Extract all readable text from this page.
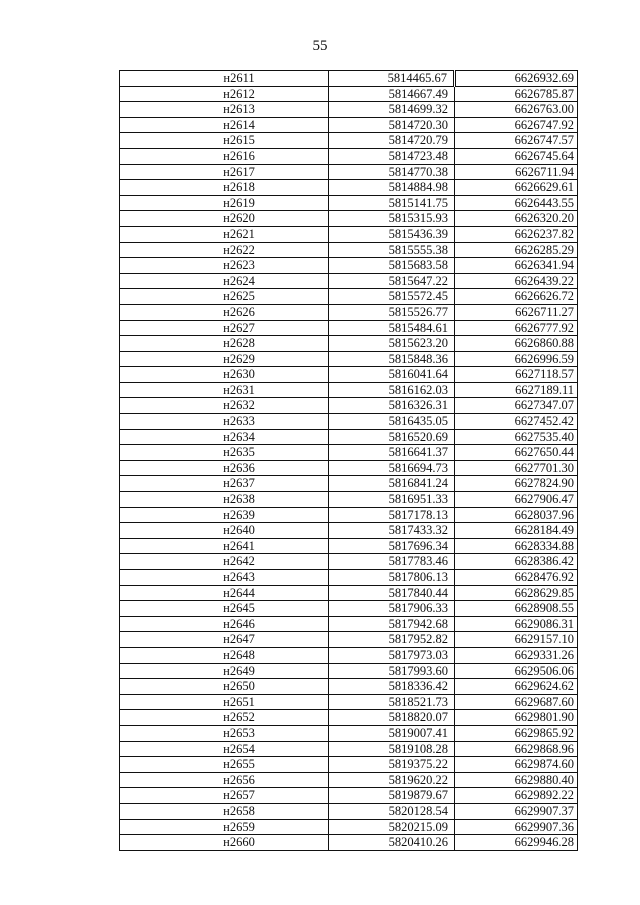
55
н2611	5814465.67	6626932.69
н2612	5814667.49	6626785.87
н2613	5814699.32	6626763.00
н2614	5814720.30	6626747.92
н2615	5814720.79	6626747.57
н2616	5814723.48	6626745.64
н2617	5814770.38	6626711.94
н2618	5814884.98	6626629.61
н2619	5815141.75	6626443.55
н2620	5815315.93	6626320.20
н2621	5815436.39	6626237.82
н2622	5815555.38	6626285.29
н2623	5815683.58	6626341.94
н2624	5815647.22	6626439.22
н2625	5815572.45	6626626.72
н2626	5815526.77	6626711.27
н2627	5815484.61	6626777.92
н2628	5815623.20	6626860.88
н2629	5815848.36	6626996.59
н2630	5816041.64	6627118.57
н2631	5816162.03	6627189.11
н2632	5816326.31	6627347.07
н2633	5816435.05	6627452.42
н2634	5816520.69	6627535.40
н2635	5816641.37	6627650.44
н2636	5816694.73	6627701.30
н2637	5816841.24	6627824.90
н2638	5816951.33	6627906.47
н2639	5817178.13	6628037.96
н2640	5817433.32	6628184.49
н2641	5817696.34	6628334.88
н2642	5817783.46	6628386.42
н2643	5817806.13	6628476.92
н2644	5817840.44	6628629.85
н2645	5817906.33	6628908.55
н2646	5817942.68	6629086.31
н2647	5817952.82	6629157.10
н2648	5817973.03	6629331.26
н2649	5817993.60	6629506.06
н2650	5818336.42	6629624.62
н2651	5818521.73	6629687.60
н2652	5818820.07	6629801.90
н2653	5819007.41	6629865.92
н2654	5819108.28	6629868.96
н2655	5819375.22	6629874.60
н2656	5819620.22	6629880.40
н2657	5819879.67	6629892.22
н2658	5820128.54	6629907.37
н2659	5820215.09	6629907.36
н2660	5820410.26	6629946.28
